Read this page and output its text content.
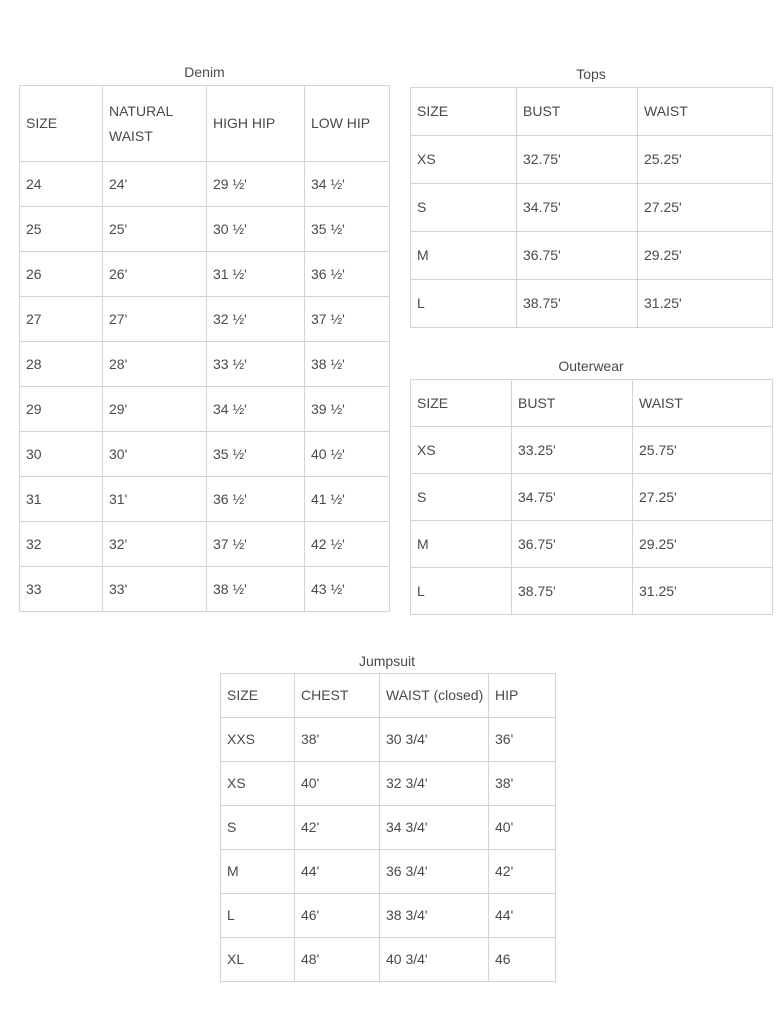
Denim
SIZE	NATURAL WAIST	HIGH HIP	LOW HIP
24	24'	29 ½'	34 ½'
25	25'	30 ½'	35 ½'
26	26'	31 ½'	36 ½'
27	27'	32 ½'	37 ½'
28	28'	33 ½'	38 ½'
29	29'	34 ½'	39 ½'
30	30'	35 ½'	40 ½'
31	31'	36 ½'	41 ½'
32	32'	37 ½'	42 ½'
33	33'	38 ½'	43 ½'
Tops
SIZE	BUST	WAIST
XS	32.75'	25.25'
S	34.75'	27.25'
M	36.75'	29.25'
L	38.75'	31.25'
Outerwear
SIZE	BUST	WAIST
XS	33.25'	25.75'
S	34.75'	27.25'
M	36.75'	29.25'
L	38.75'	31.25'
Jumpsuit
SIZE	CHEST	WAIST (closed)	HIP
XXS	38'	30 3/4'	36'
XS	40'	32 3/4'	38'
S	42'	34 3/4'	40'
M	44'	36 3/4'	42'
L	46'	38 3/4'	44'
XL	48'	40 3/4'	46
